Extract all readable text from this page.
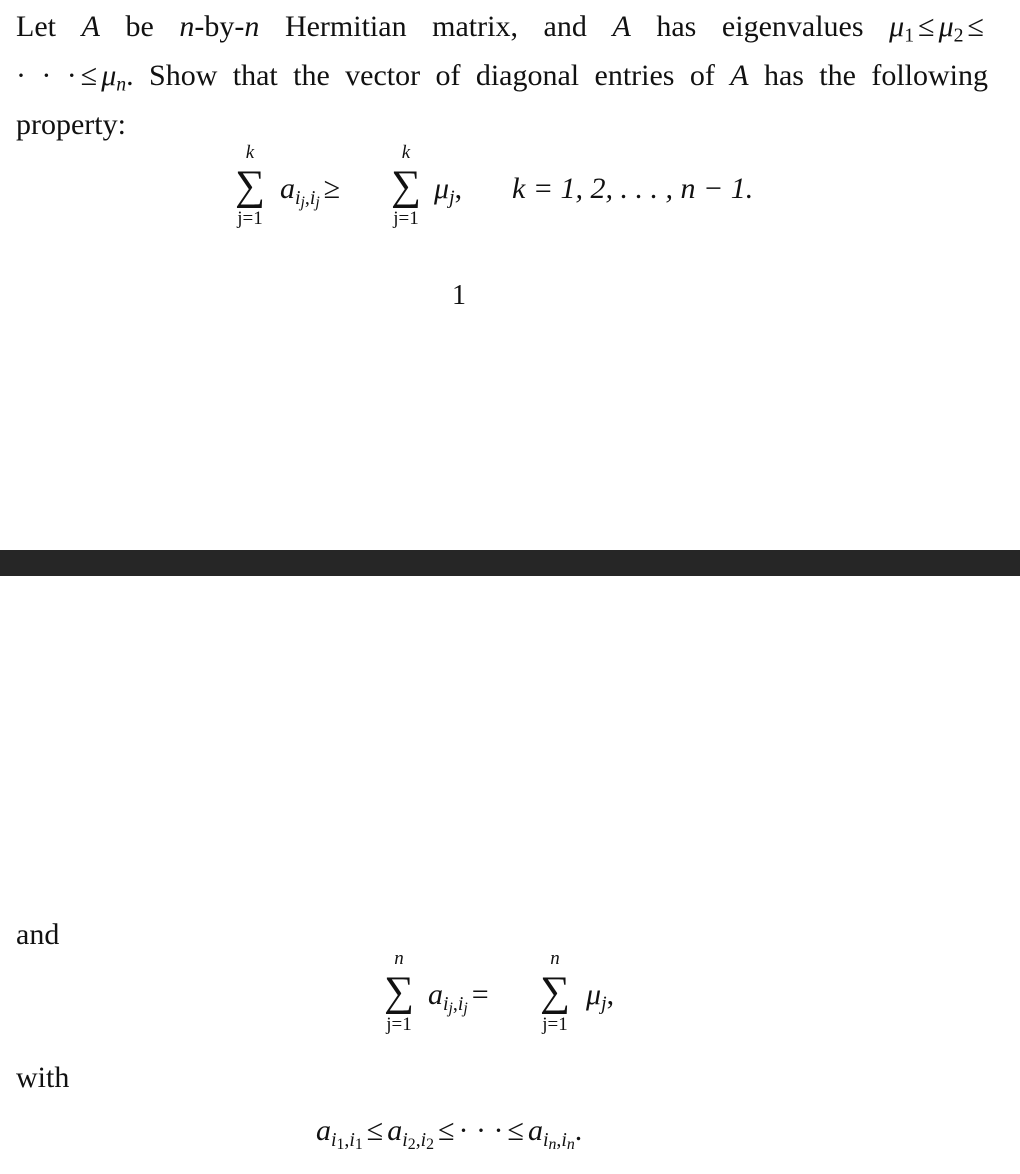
Let A be n-by-n Hermitian matrix, and A has eigenvalues $\mu_1 \le \mu_2$ ≤
· · · ≤ $\mu_n$. Show that the vector of diagonal entries of A has the following
property:
k
∑
j=1
$a_{i_j,i_j}$ ≥
k
∑
j=1
$\mu_j$, k = 1, 2, . . . , n − 1.
1
and
n
∑
j=1
$a_{i_j,i_j}$ =
n
∑
j=1
$\mu_j$,
with
$a_{i_1,i_1} \le a_{i_2,i_2}$ ≤ · · · ≤ $a_{i_n,i_n}$.
